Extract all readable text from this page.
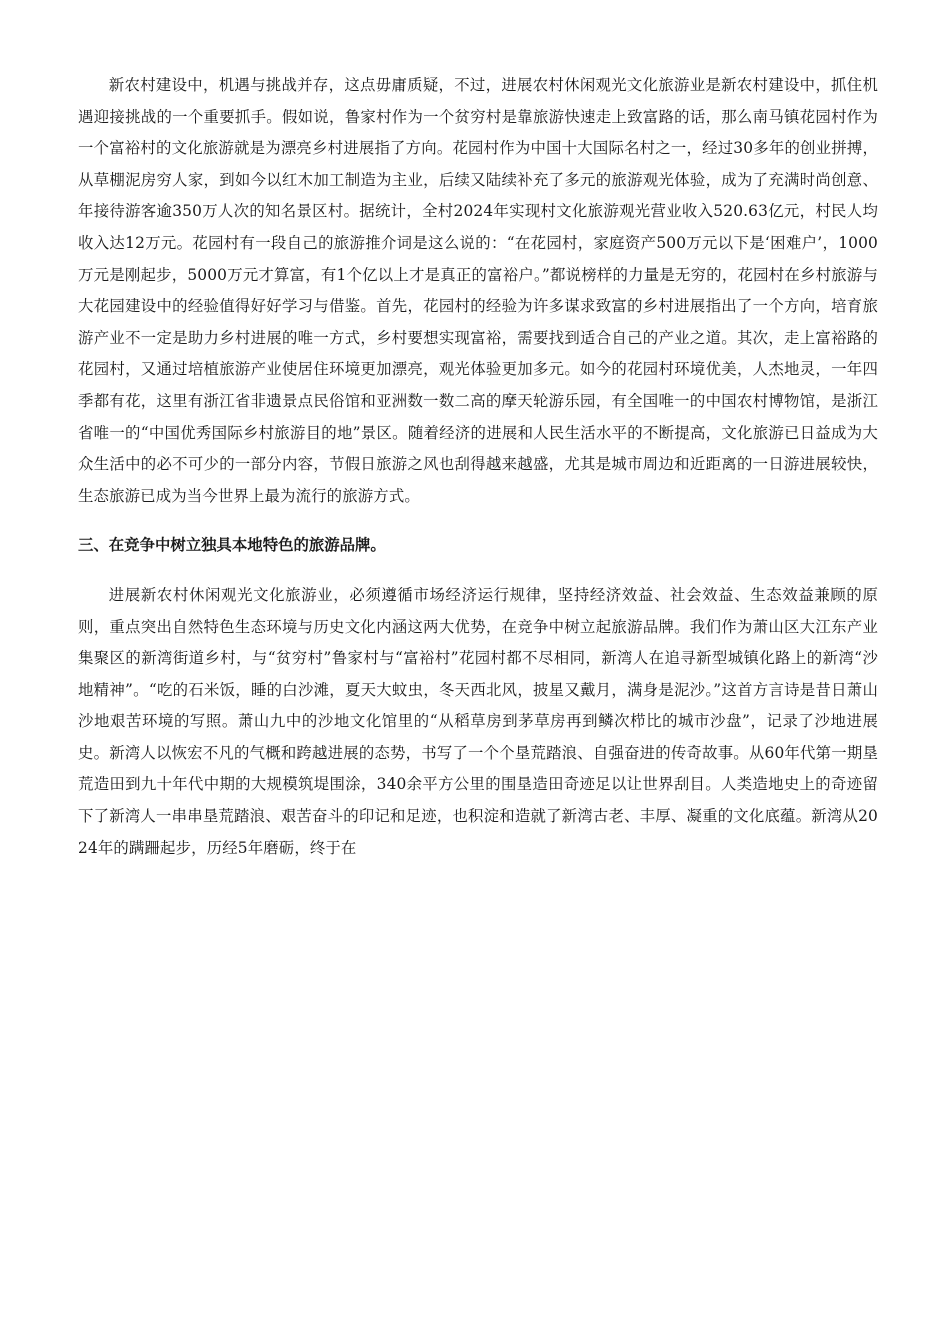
新农村建设中，机遇与挑战并存，这点毋庸质疑，不过，进展农村休闲观光文化旅游业是新农村建设中，抓住机遇迎接挑战的一个重要抓手。假如说，鲁家村作为一个贫穷村是靠旅游快速走上致富路的话，那么南马镇花园村作为一个富裕村的文化旅游就是为漂亮乡村进展指了方向。花园村作为中国十大国际名村之一，经过30多年的创业拼搏，从草棚泥房穷人家，到如今以红木加工制造为主业，后续又陆续补充了多元的旅游观光体验，成为了充满时尚创意、年接待游客逾350万人次的知名景区村。据统计，全村2024年实现村文化旅游观光营业收入520.63亿元，村民人均收入达12万元。花园村有一段自己的旅游推介词是这么说的：“在花园村，家庭资产500万元以下是‘困难户’，1000万元是刚起步，5000万元才算富，有1个亿以上才是真正的富裕户。”都说榜样的力量是无穷的，花园村在乡村旅游与大花园建设中的经验值得好好学习与借鉴。首先，花园村的经验为许多谋求致富的乡村进展指出了一个方向，培育旅游产业不一定是助力乡村进展的唯一方式，乡村要想实现富裕，需要找到适合自己的产业之道。其次，走上富裕路的花园村，又通过培植旅游产业使居住环境更加漂亮，观光体验更加多元。如今的花园村环境优美，人杰地灵，一年四季都有花，这里有浙江省非遗景点民俗馆和亚洲数一数二高的摩天轮游乐园，有全国唯一的中国农村博物馆，是浙江省唯一的“中国优秀国际乡村旅游目的地”景区。随着经济的进展和人民生活水平的不断提高，文化旅游已日益成为大众生活中的必不可少的一部分内容，节假日旅游之风也刮得越来越盛，尤其是城市周边和近距离的一日游进展较快，生态旅游已成为当今世界上最为流行的旅游方式。

三、在竞争中树立独具本地特色的旅游品牌。

进展新农村休闲观光文化旅游业，必须遵循市场经济运行规律，坚持经济效益、社会效益、生态效益兼顾的原则，重点突出自然特色生态环境与历史文化内涵这两大优势，在竞争中树立起旅游品牌。我们作为萧山区大江东产业集聚区的新湾街道乡村，与“贫穷村”鲁家村与“富裕村”花园村都不尽相同，新湾人在追寻新型城镇化路上的新湾“沙地精神”。“吃的石米饭，睡的白沙滩，夏天大蚊虫，冬天西北风，披星又戴月，满身是泥沙。”这首方言诗是昔日萧山沙地艰苦环境的写照。萧山九中的沙地文化馆里的“从稻草房到茅草房再到鳞次栉比的城市沙盘”，记录了沙地进展史。新湾人以恢宏不凡的气概和跨越进展的态势，书写了一个个垦荒踏浪、自强奋进的传奇故事。从60年代第一期垦荒造田到九十年代中期的大规模筑堤围涂，340余平方公里的围垦造田奇迹足以让世界刮目。人类造地史上的奇迹留下了新湾人一串串垦荒踏浪、艰苦奋斗的印记和足迹，也积淀和造就了新湾古老、丰厚、凝重的文化底蕴。新湾从2024年的蹒跚起步，历经5年磨砺，终于在
